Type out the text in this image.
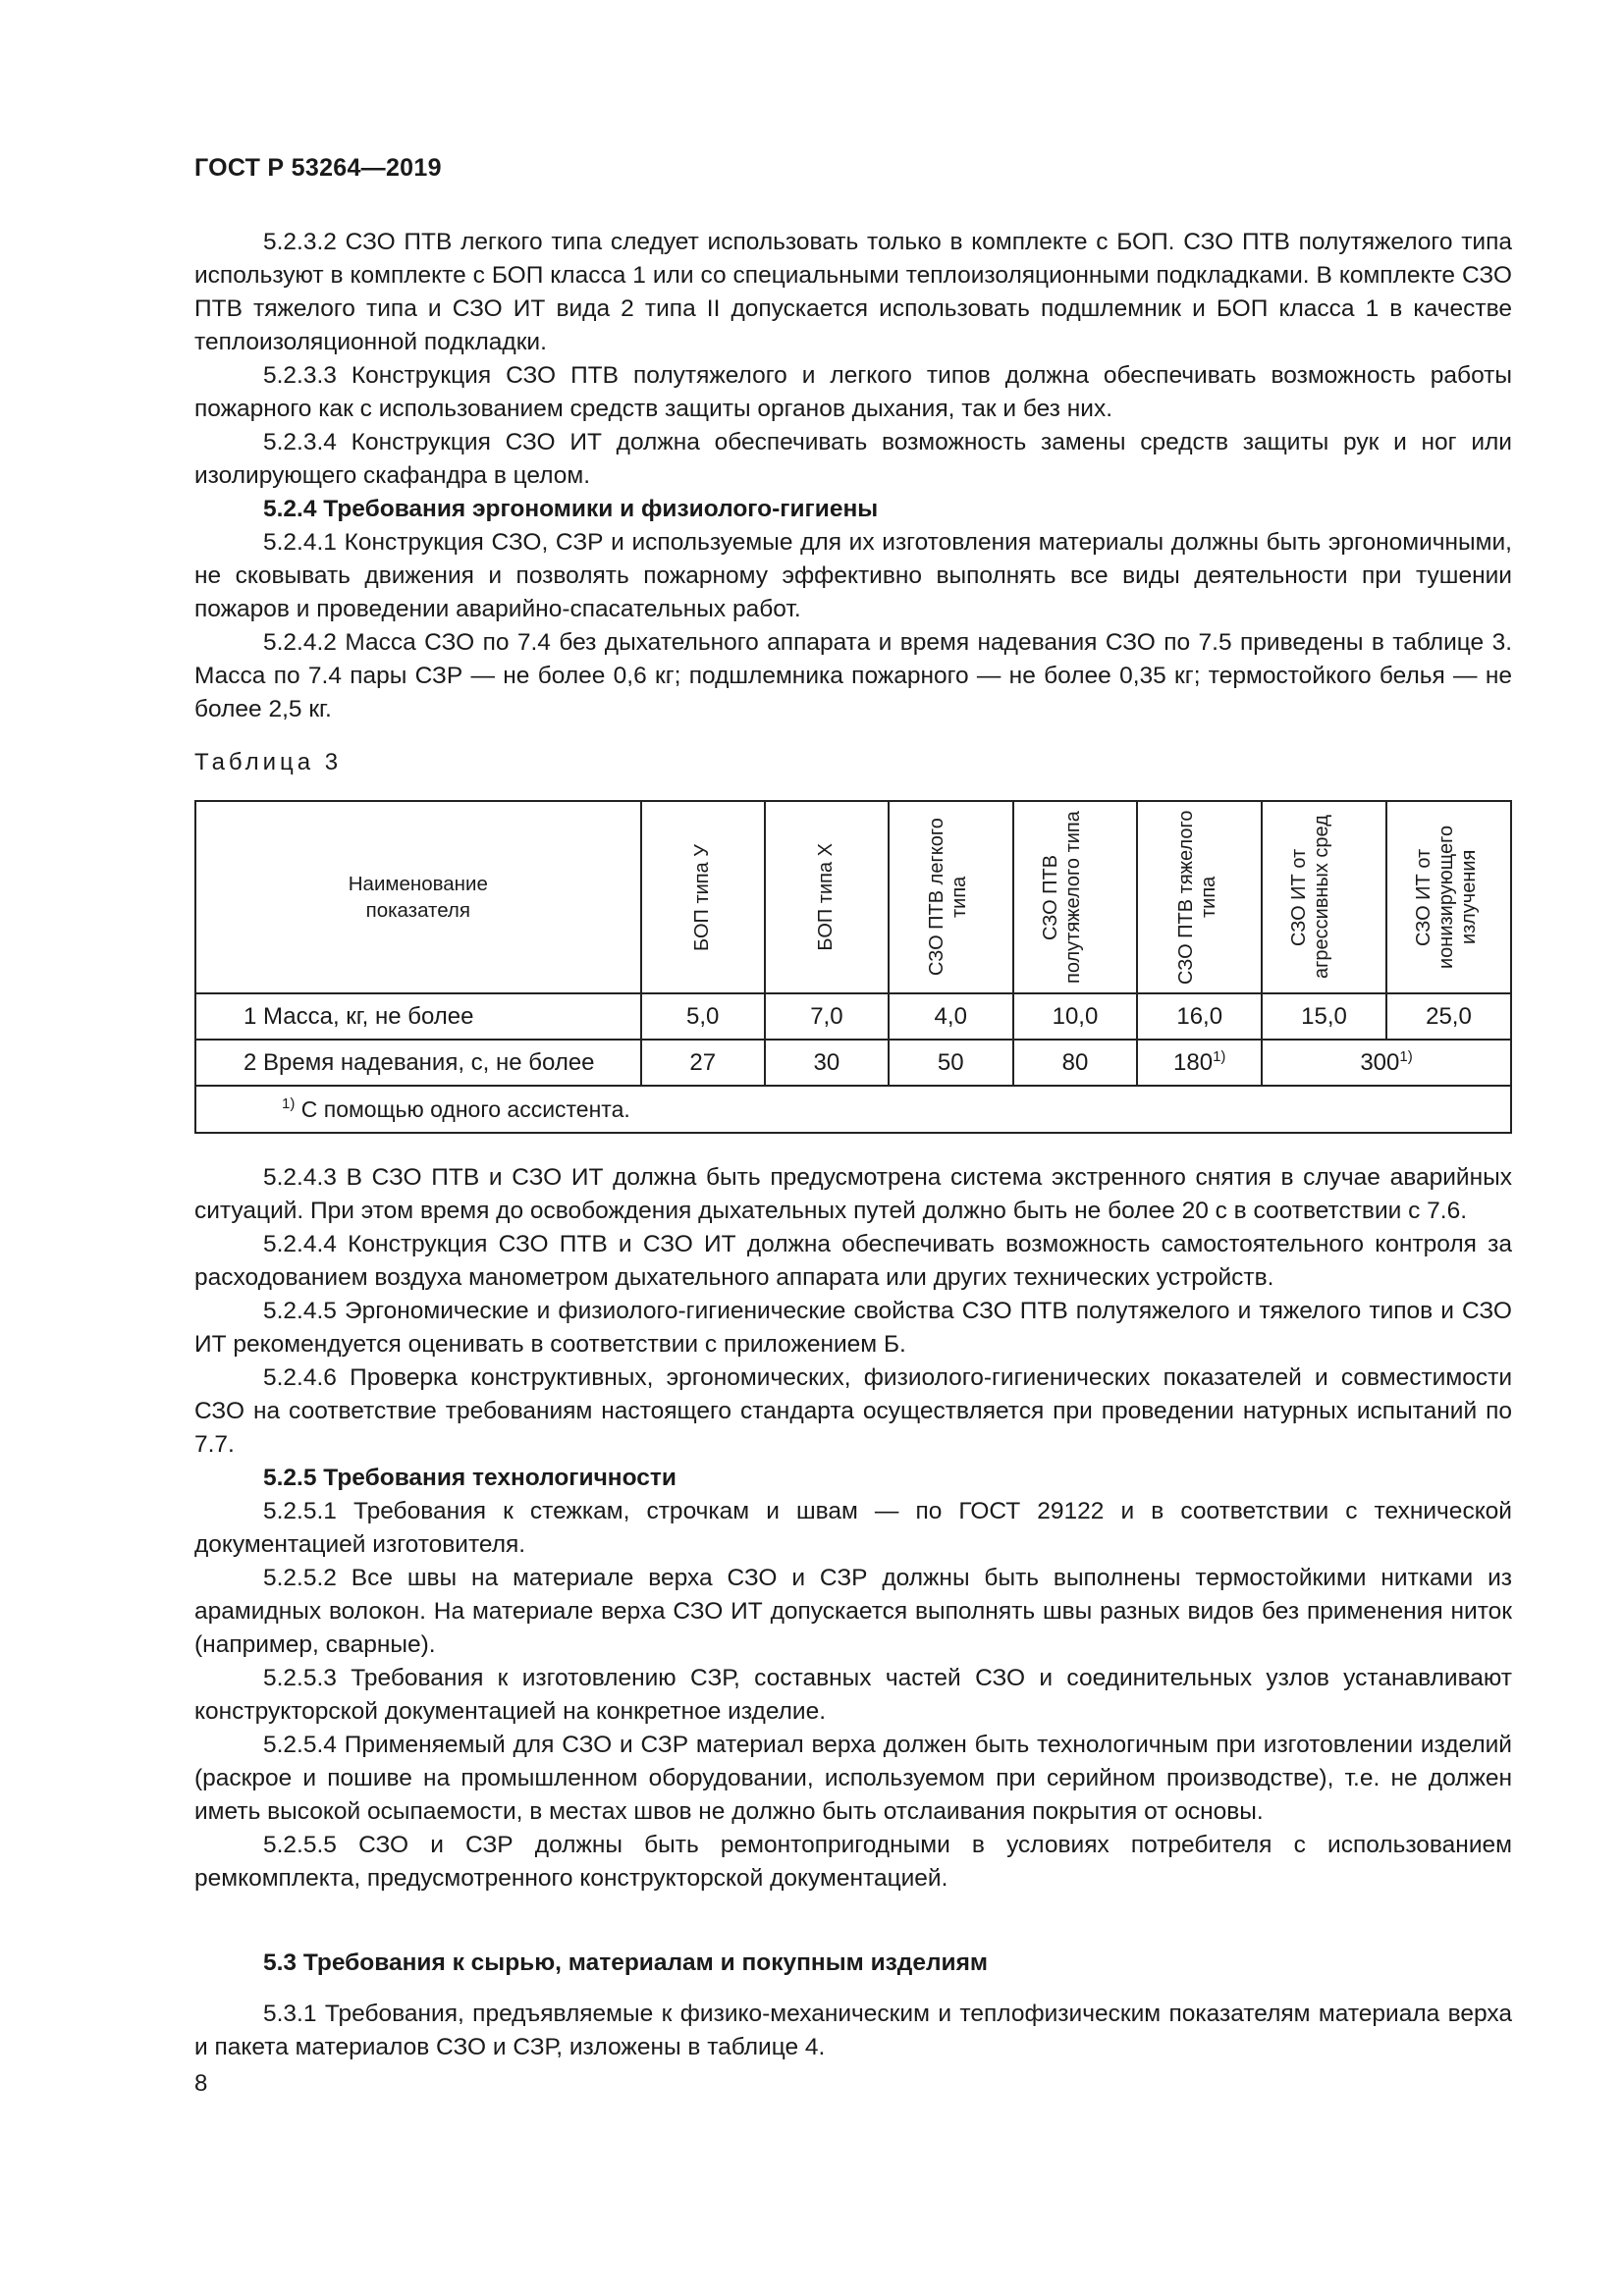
ГОСТ Р 53264—2019

5.2.3.2 СЗО ПТВ легкого типа следует использовать только в комплекте с БОП. СЗО ПТВ полутяжелого типа используют в комплекте с БОП класса 1 или со специальными теплоизоляционными подкладками. В комплекте СЗО ПТВ тяжелого типа и СЗО ИТ вида 2 типа II допускается использовать подшлемник и БОП класса 1 в качестве теплоизоляционной подкладки.

5.2.3.3 Конструкция СЗО ПТВ полутяжелого и легкого типов должна обеспечивать возможность работы пожарного как с использованием средств защиты органов дыхания, так и без них.

5.2.3.4 Конструкция СЗО ИТ должна обеспечивать возможность замены средств защиты рук и ног или изолирующего скафандра в целом.

5.2.4 Требования эргономики и физиолого-гигиены

5.2.4.1 Конструкция СЗО, СЗР и используемые для их изготовления материалы должны быть эргономичными, не сковывать движения и позволять пожарному эффективно выполнять все виды деятельности при тушении пожаров и проведении аварийно-спасательных работ.

5.2.4.2 Масса СЗО по 7.4 без дыхательного аппарата и время надевания СЗО по 7.5 приведены в таблице 3. Масса по 7.4 пары СЗР — не более 0,6 кг; подшлемника пожарного — не более 0,35 кг; термостойкого белья — не более 2,5 кг.

Таблица 3
Наименование показателя	БОП типа У	БОП типа Х	СЗО ПТВ легкого типа	СЗО ПТВ полутяжелого типа	СЗО ПТВ тяжелого типа	СЗО ИТ от агрессивных сред	СЗО ИТ от ионизирующего излучения

1 Масса, кг, не более	5,0	7,0	4,0	10,0	16,0	15,0	25,0
2 Время надевания, с, не более	27	30	50	80	180$^{1)}$	300$^{1)}$
$^{1)}$ С помощью одного ассистента.							

5.2.4.3 В СЗО ПТВ и СЗО ИТ должна быть предусмотрена система экстренного снятия в случае аварийных ситуаций. При этом время до освобождения дыхательных путей должно быть не более 20 с в соответствии с 7.6.

5.2.4.4 Конструкция СЗО ПТВ и СЗО ИТ должна обеспечивать возможность самостоятельного контроля за расходованием воздуха манометром дыхательного аппарата или других технических устройств.

5.2.4.5 Эргономические и физиолого-гигиенические свойства СЗО ПТВ полутяжелого и тяжелого типов и СЗО ИТ рекомендуется оценивать в соответствии с приложением Б.

5.2.4.6 Проверка конструктивных, эргономических, физиолого-гигиенических показателей и совместимости СЗО на соответствие требованиям настоящего стандарта осуществляется при проведении натурных испытаний по 7.7.

5.2.5 Требования технологичности

5.2.5.1 Требования к стежкам, строчкам и швам — по ГОСТ 29122 и в соответствии с технической документацией изготовителя.

5.2.5.2 Все швы на материале верха СЗО и СЗР должны быть выполнены термостойкими нитками из арамидных волокон. На материале верха СЗО ИТ допускается выполнять швы разных видов без применения ниток (например, сварные).

5.2.5.3 Требования к изготовлению СЗР, составных частей СЗО и соединительных узлов устанавливают конструкторской документацией на конкретное изделие.

5.2.5.4 Применяемый для СЗО и СЗР материал верха должен быть технологичным при изготовлении изделий (раскрое и пошиве на промышленном оборудовании, используемом при серийном производстве), т.е. не должен иметь высокой осыпаемости, в местах швов не должно быть отслаивания покрытия от основы.

5.2.5.5 СЗО и СЗР должны быть ремонтопригодными в условиях потребителя с использованием ремкомплекта, предусмотренного конструкторской документацией.

5.3 Требования к сырью, материалам и покупным изделиям

5.3.1 Требования, предъявляемые к физико-механическим и теплофизическим показателям материала верха и пакета материалов СЗО и СЗР, изложены в таблице 4.

8
